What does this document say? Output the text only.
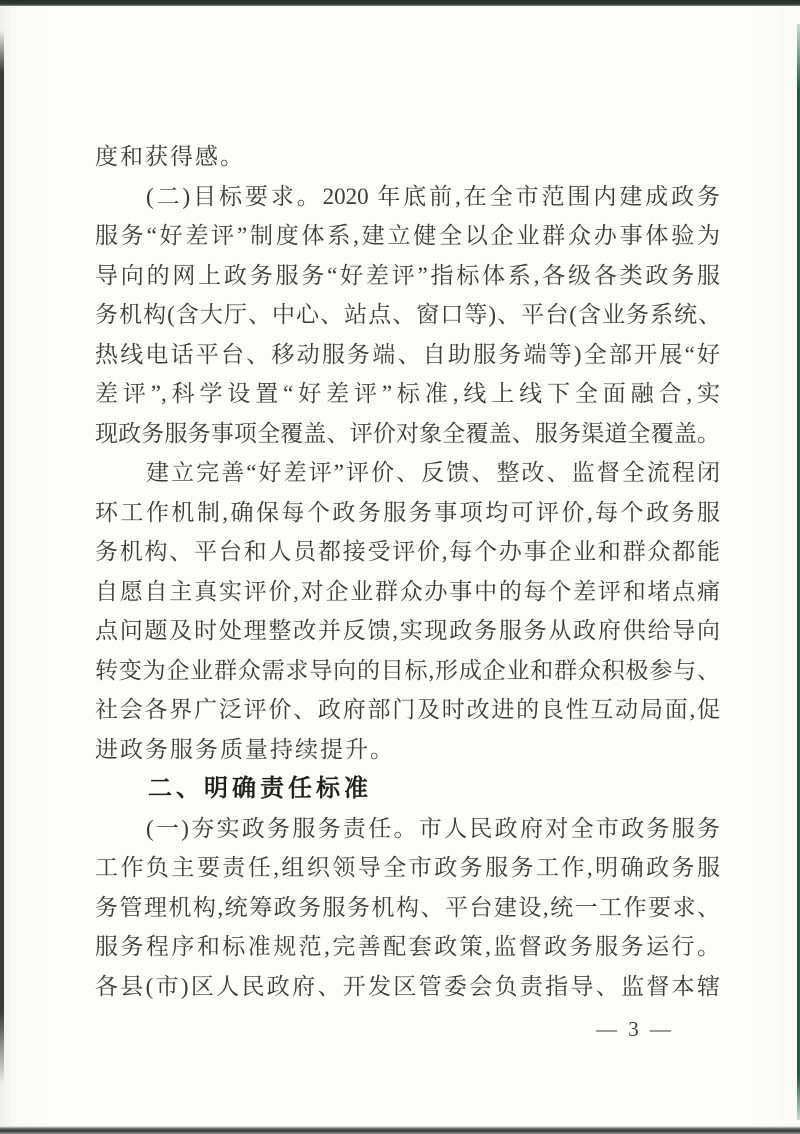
度和获得感。
(二)目标要求。2020 年底前,在全市范围内建成政务
服务“好差评”制度体系,建立健全以企业群众办事体验为
导向的网上政务服务“好差评”指标体系,各级各类政务服
务机构(含大厅、中心、站点、窗口等)、平台(含业务系统、
热线电话平台、移动服务端、自助服务端等)全部开展“好
差评”,科学设置“好差评”标准,线上线下全面融合,实
现政务服务事项全覆盖、评价对象全覆盖、服务渠道全覆盖。
建立完善“好差评”评价、反馈、整改、监督全流程闭
环工作机制,确保每个政务服务事项均可评价,每个政务服
务机构、平台和人员都接受评价,每个办事企业和群众都能
自愿自主真实评价,对企业群众办事中的每个差评和堵点痛
点问题及时处理整改并反馈,实现政务服务从政府供给导向
转变为企业群众需求导向的目标,形成企业和群众积极参与、
社会各界广泛评价、政府部门及时改进的良性互动局面,促
进政务服务质量持续提升。
二、明确责任标准
(一)夯实政务服务责任。市人民政府对全市政务服务
工作负主要责任,组织领导全市政务服务工作,明确政务服
务管理机构,统筹政务服务机构、平台建设,统一工作要求、
服务程序和标准规范,完善配套政策,监督政务服务运行。
各县(市)区人民政府、开发区管委会负责指导、监督本辖
— 3 —
